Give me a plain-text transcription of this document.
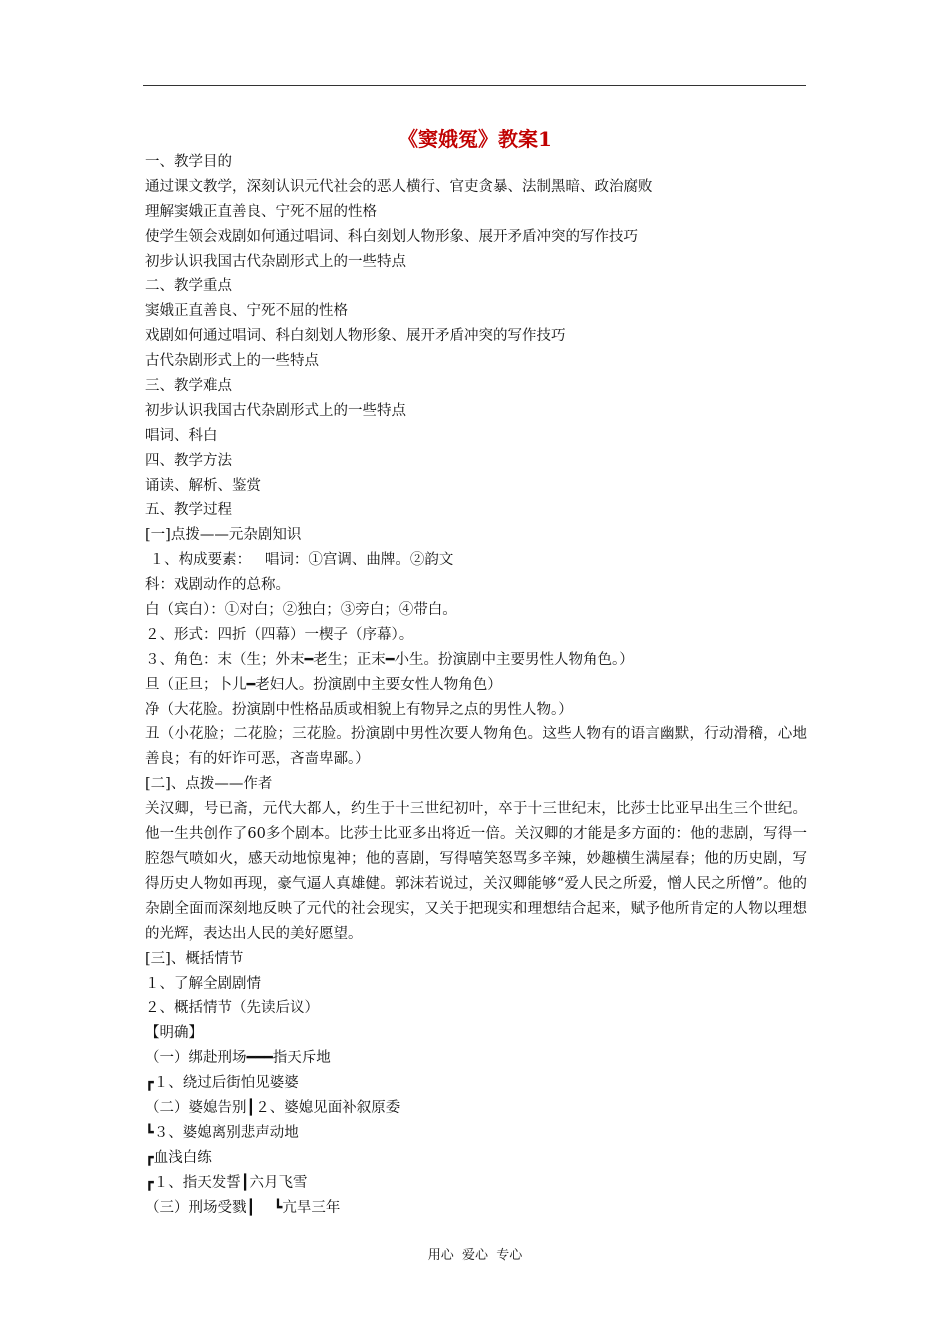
《窦娥冤》教案1
一、教学目的
通过课文教学，深刻认识元代社会的恶人横行、官吏贪暴、法制黑暗、政治腐败
理解窦娥正直善良、宁死不屈的性格
使学生领会戏剧如何通过唱词、科白刻划人物形象、展开矛盾冲突的写作技巧
初步认识我国古代杂剧形式上的一些特点
二、教学重点
窦娥正直善良、宁死不屈的性格
戏剧如何通过唱词、科白刻划人物形象、展开矛盾冲突的写作技巧
古代杂剧形式上的一些特点
三、教学难点
初步认识我国古代杂剧形式上的一些特点
唱词、科白
四、教学方法
诵读、解析、鉴赏
五、教学过程
[一]点拨——元杂剧知识
１、构成要素：   唱词：①宫调、曲牌。②韵文
科：戏剧动作的总称。
白（宾白）：①对白；②独白；③旁白；④带白。
２、形式：四折（四幕）一楔子（序幕）。
３、角色：末（生；外末━老生；正末━小生。扮演剧中主要男性人物角色。）
旦（正旦；卜儿━老妇人。扮演剧中主要女性人物角色）
净（大花脸。扮演剧中性格品质或相貌上有物异之点的男性人物。）
丑（小花脸；二花脸；三花脸。扮演剧中男性次要人物角色。这些人物有的语言幽默，行动滑稽，心地善良；有的奸诈可恶，吝啬卑鄙。）
[二]、点拨——作者
关汉卿，号已斋，元代大都人，约生于十三世纪初叶，卒于十三世纪末，比莎士比亚早出生三个世纪。他一生共创作了60多个剧本。比莎士比亚多出将近一倍。关汉卿的才能是多方面的：他的悲剧，写得一腔怨气喷如火，感天动地惊鬼神；他的喜剧，写得嘻笑怒骂多辛辣，妙趣横生满屋春；他的历史剧，写得历史人物如再现，豪气逼人真雄健。郭沫若说过，关汉卿能够“爱人民之所爱，憎人民之所憎”。他的杂剧全面而深刻地反映了元代的社会现实，又关于把现实和理想结合起来，赋予他所肯定的人物以理想的光辉，表达出人民的美好愿望。
[三]、概括情节
１、了解全剧剧情
２、概括情节（先读后议）
【明确】
（一）绑赴刑场━━━指天斥地
┏１、绕过后街怕见婆婆
（二）婆媳告别┃２、婆媳见面补叙原委
┗３、婆媳离别悲声动地
┏血浅白练
┏１、指天发誓┃六月飞雪
（三）刑场受戮┃    ┗亢旱三年
用心  爱心  专心
